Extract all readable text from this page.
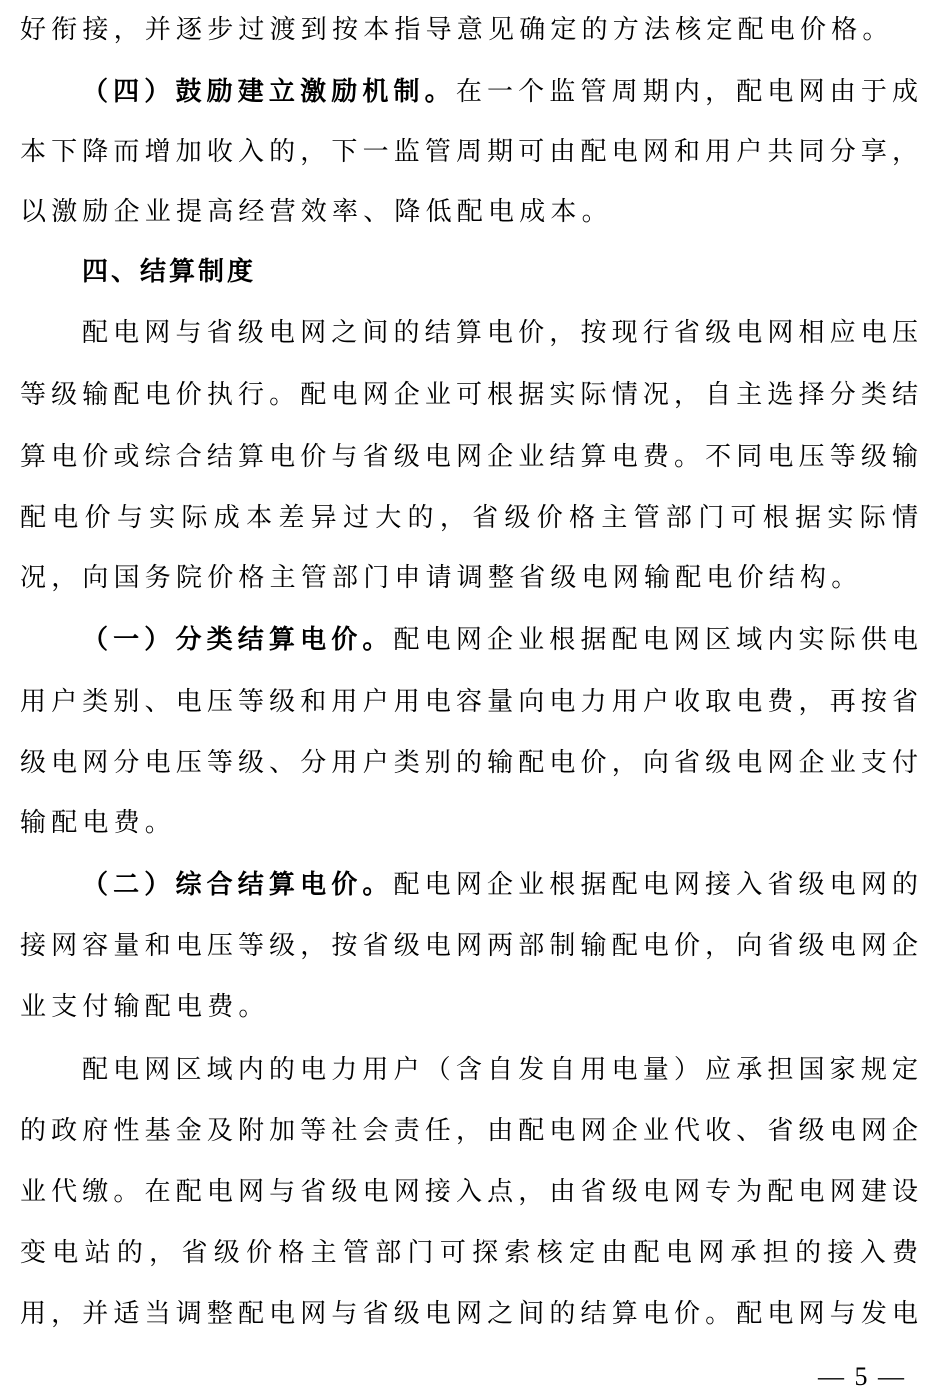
好衔接，并逐步过渡到按本指导意见确定的方法核定配电价格。
（四）鼓励建立激励机制。在一个监管周期内，配电网由于成
本下降而增加收入的，下一监管周期可由配电网和用户共同分享，
以激励企业提高经营效率、降低配电成本。
四、结算制度
配电网与省级电网之间的结算电价，按现行省级电网相应电压
等级输配电价执行。配电网企业可根据实际情况，自主选择分类结
算电价或综合结算电价与省级电网企业结算电费。不同电压等级输
配电价与实际成本差异过大的，省级价格主管部门可根据实际情
况，向国务院价格主管部门申请调整省级电网输配电价结构。
（一）分类结算电价。配电网企业根据配电网区域内实际供电
用户类别、电压等级和用户用电容量向电力用户收取电费，再按省
级电网分电压等级、分用户类别的输配电价，向省级电网企业支付
输配电费。
（二）综合结算电价。配电网企业根据配电网接入省级电网的
接网容量和电压等级，按省级电网两部制输配电价，向省级电网企
业支付输配电费。
配电网区域内的电力用户（含自发自用电量）应承担国家规定
的政府性基金及附加等社会责任，由配电网企业代收、省级电网企
业代缴。在配电网与省级电网接入点，由省级电网专为配电网建设
变电站的，省级价格主管部门可探索核定由配电网承担的接入费
用，并适当调整配电网与省级电网之间的结算电价。配电网与发电
— 5 —
